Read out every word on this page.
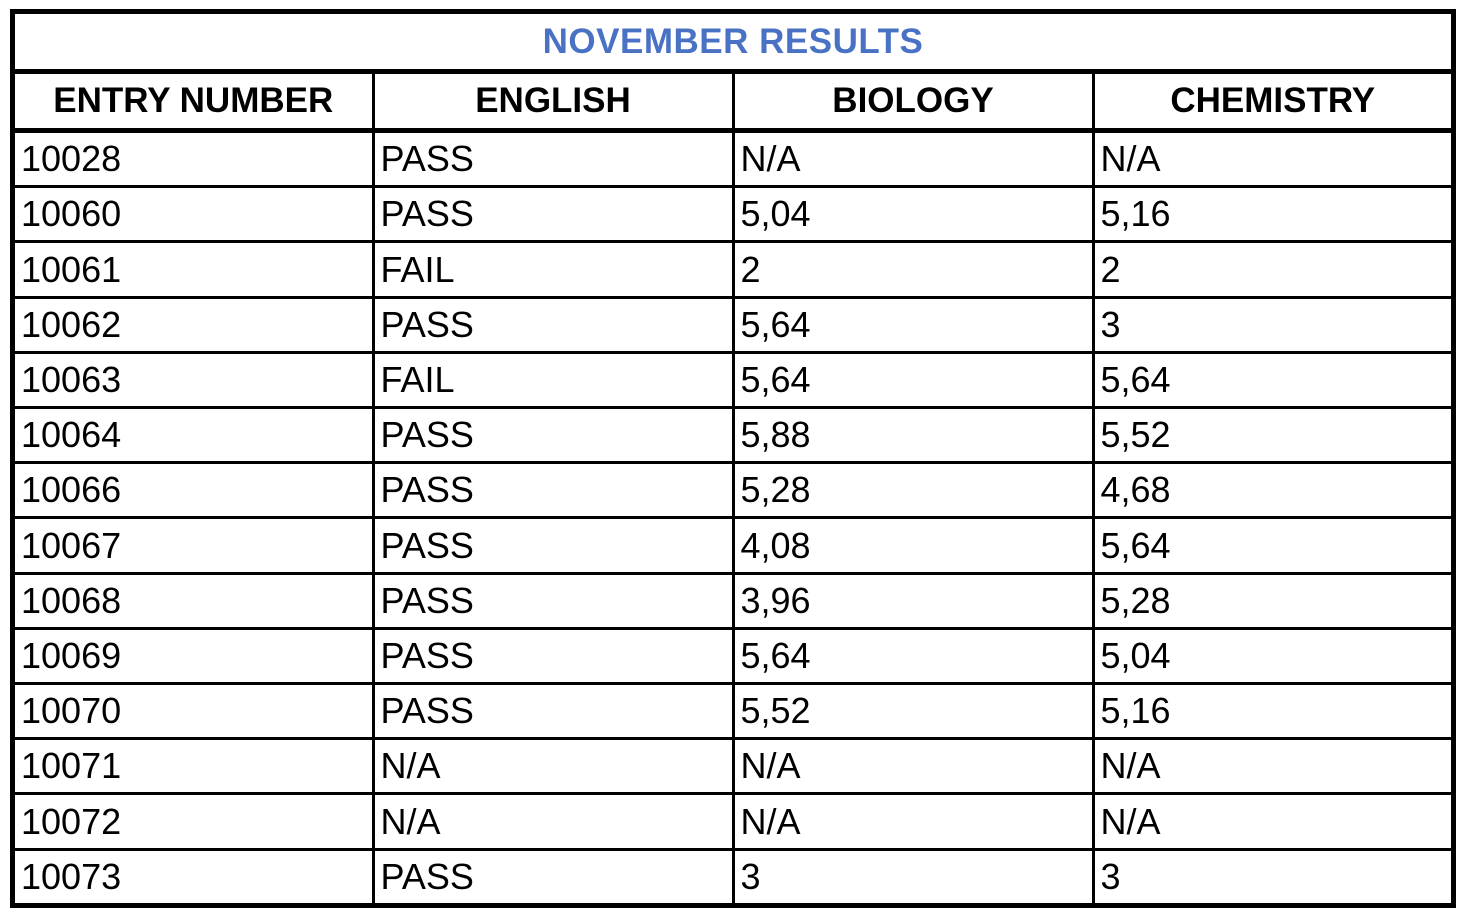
NOVEMBER RESULTS			
ENTRY NUMBER	ENGLISH	BIOLOGY	CHEMISTRY
10028	PASS	N/A	N/A
10060	PASS	5,04	5,16
10061	FAIL	2	2
10062	PASS	5,64	3
10063	FAIL	5,64	5,64
10064	PASS	5,88	5,52
10066	PASS	5,28	4,68
10067	PASS	4,08	5,64
10068	PASS	3,96	5,28
10069	PASS	5,64	5,04
10070	PASS	5,52	5,16
10071	N/A	N/A	N/A
10072	N/A	N/A	N/A
10073	PASS	3	3
